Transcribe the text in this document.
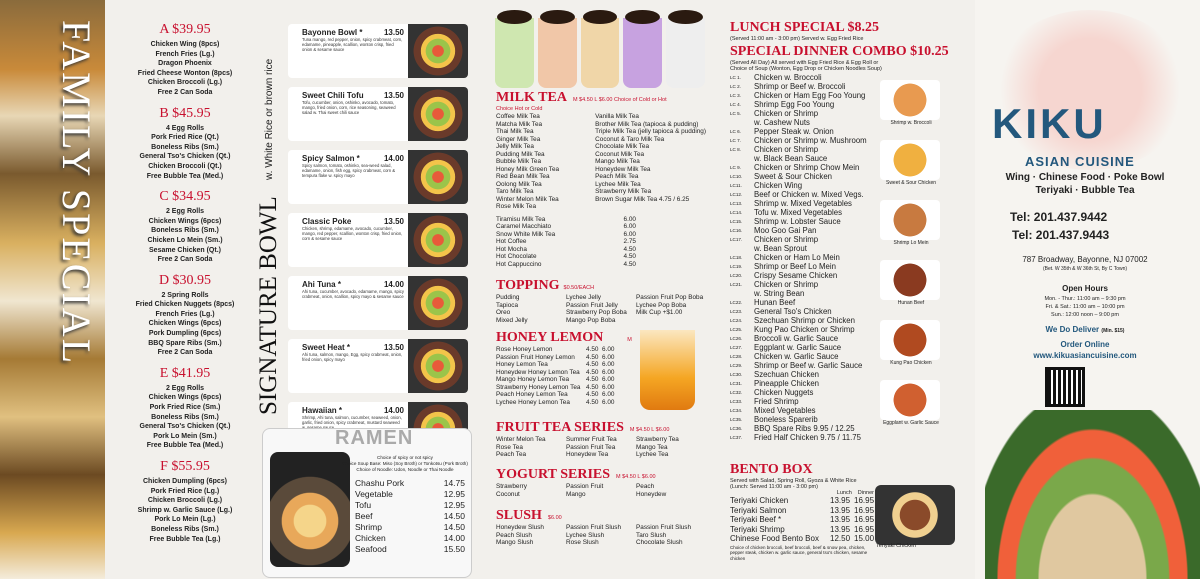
FAMILY SPECIAL	A $39.95
Chicken Wing (8pcs)
French Fries (Lg.)
Dragon Phoenix
Fried Cheese Wonton (8pcs)
Chicken Broccoli (Lg.)
Free 2 Can Soda
B $45.95
4 Egg Rolls
Pork Fried Rice (Qt.)
Boneless Ribs (Sm.)
General Tso's Chicken (Qt.)
Chicken Broccoli (Qt.)
Free Bubble Tea (Med.)
C $34.95
2 Egg Rolls
Chicken Wings (6pcs)
Boneless Ribs (Sm.)
Chicken Lo Mein (Sm.)
Sesame Chicken (Qt.)
Free 2 Can Soda
D $30.95
2 Spring Rolls
Fried Chicken Nuggets (8pcs)
French Fries (Lg.)
Chicken Wings (6pcs)
Pork Dumpling (6pcs)
BBQ Spare Ribs (Sm.)
Free 2 Can Soda
E $41.95
2 Egg Rolls
Chicken Wings (6pcs)
Pork Fried Rice (Sm.)
Boneless Ribs (Sm.)
General Tso's Chicken (Qt.)
Pork Lo Mein (Sm.)
Free Bubble Tea (Med.)
F $55.95
Chicken Dumpling (6pcs)
Pork Fried Rice (Lg.)
Chicken Broccoli (Lg.)
Shrimp w. Garlic Sauce (Lg.)
Pork Lo Mein (Lg.)
Boneless Ribs (Sm.)
Free Bubble Tea (Lg.)
w. White Rice or brown rice
SIGNATURE BOWL
Bayonne Bowl *	13.50
Tuna mango, red pepper, onion, spicy crabmeat, corn, edamame, pineapple, scallion, wonton crisp, fried onion & sesame sauce
Sweet Chili Tofu	13.50
Tofu, cucumber, onion, oshinko, avocado, tomato, mango, fried onion, corn, rice seasoning, seaweed salad w. Thai sweet chili sauce
Spicy Salmon *	14.00
Spicy salmon, tomato, oshinko, sea-weed salad, edamame, onion, fish egg, spicy crabmeat, corn & tempura flake w. spicy mayo
Classic Poke	13.50
Chicken, shrimp, edamame, avocado, cucumber, mango, red pepper, scallion, wonton crisp, fried onion, corn & sesame sauce
Ahi Tuna *	14.00
Ahi tuna, cucumber, avocado, edamame, mango, spicy crabmeat, onion, scallion, spicy mayo & sesame sauce
Sweet Heat *	13.50
Ahi tuna, salmon, mango, Egg, spicy crabmeat, onion, fried onion, spicy mayo
Hawaiian *	14.00
Shrimp, Ahi tuna, salmon, cucumber, seaweed, onion, garlic, fried onion, spicy crabmeat, mustard seaweed
RAMEN
Choice of spicy or not spicy
Choice Soup Base: Miso (Soy Broth) or Tonkotsu (Pork Broth)
Choice of Noodle: Udon, Noodle or Thai Noodle
Chashu Pork	14.75
Vegetable	12.95
Tofu	12.95
Beef	14.50
Shrimp	14.50
Chicken	14.00
Seafood	15.50
MILK TEA M $4.50 L $6.00 Choice of Cold or Hot
Choice Hot or Cold
Coffee Milk Tea
Matcha Milk Tea
Thai Milk Tea
Ginger Milk Tea
Jelly Milk Tea
Pudding Milk Tea
Bubble Milk Tea
Honey Milk Green Tea
Red Bean Milk Tea
Oolong Milk Tea
Taro Milk Tea
Winter Melon Milk Tea
Rose Milk Tea
Vanilla Milk Tea
Brother Milk Tea (tapioca & pudding)
Triple Milk Tea (jelly tapioca & pudding)
Coconut & Taro Milk Tea
Chocolate Milk Tea
Coconut Milk Tea
Mango Milk Tea
Honeydew Milk Tea
Peach Milk Tea
Lychee Milk Tea
Strawberry Milk Tea
Brown Sugar Milk Tea 4.75 / 6.25
Tiramisu Milk Tea	6.00
Caramel Macchiato	6.00
Snow White Milk Tea	6.00
Hot Coffee	2.75
Hot Mocha	4.50
Hot Chocolate	4.50
Hot Cappuccino	4.50
TOPPING $0.50/EACH
Pudding	Lychee Jelly	Passion Fruit Pop Boba
Tapioca	Passion Fruit Jelly	Lychee Pop Boba
Oreo	Strawberry Pop Boba	Milk Cup +$1.00
Mixed Jelly	Mango Pop Boba
HONEY LEMON	M
Rose Honey Lemon	4.50 6.00
Passion Fruit Honey Lemon	4.50 6.00
Honey Lemon Tea	4.50 6.00
Honeydew Honey Lemon Tea 4.50 6.00
Mango Honey Lemon Tea	4.50 6.00
Strawberry Honey Lemon Tea 4.50 6.00
Peach Honey Lemon Tea	4.50 6.00
Lychee Honey Lemon Tea	4.50 6.00
FRUIT TEA SERIES M $4.50 L $6.00
Winter Melon Tea	Summer Fruit Tea	Strawberry Tea
Rose Tea	Passion Fruit Tea	Mango Tea
Peach Tea	Honeydew Tea	Lychee Tea
YOGURT SERIES M $4.50 L $6.00
Strawberry	Passion Fruit	Peach
Coconut	Mango	Honeydew
SLUSH $6.00
Honeydew Slush	Passion Fruit Slush	Passion Fruit Slush
Peach Slush	Lychee Slush	Taro Slush
Mango Slush	Rose Slush	Chocolate Slush
LUNCH SPECIAL $8.25
(Served 11:00 am - 3:00 pm) Served w. Egg Fried Rice
SPECIAL DINNER COMBO $10.25
(Served All Day) All served with Egg Fried Rice & Egg Roll or
Choice of Soup (Wonton, Egg Drop or Chicken Noodles Soup)
LC 1.	Chicken w. Broccoli
LC 2.	Shrimp or Beef w. Broccoli
LC 3.	Chicken or Ham Egg Foo Young
LC 4.	Shrimp Egg Foo Young
LC 5.	Chicken or Shrimp
w. Cashew Nuts
LC 6.	Pepper Steak w. Onion
LC 7.	Chicken or Shrimp w. Mushroom
LC 8.	Chicken or Shrimp
w. Black Bean Sauce
LC 9.	Chicken or Shrimp Chow Mein
LC10.	Sweet & Sour Chicken
LC11.	Chicken Wing
LC12.	Beef or Chicken w. Mixed Vegs.
LC13.	Shrimp w. Mixed Vegetables
LC14.	Tofu w. Mixed Vegetables
LC15.	Shrimp w. Lobster Sauce
LC16.	Moo Goo Gai Pan
LC17.	Chicken or Shrimp
w. Bean Sprout
LC18.	Chicken or Ham Lo Mein
LC19.	Shrimp or Beef Lo Mein
LC20.	Crispy Sesame Chicken
LC21.	Chicken or Shrimp
w. String Bean
LC22.	Hunan Beef
LC23.	General Tso's Chicken
LC24.	Szechuan Shrimp or Chicken
LC25.	Kung Pao Chicken or Shrimp
LC26.	Broccoli w. Garlic Sauce
LC27.	Eggplant w. Garlic Sauce
LC28.	Chicken w. Garlic Sauce
LC29.	Shrimp or Beef w. Garlic Sauce
LC30.	Szechuan Chicken
LC31.	Pineapple Chicken
LC32.	Chicken Nuggets
LC33.	Fried Shrimp
LC34.	Mixed Vegetables
LC35.	Boneless Sparerib
LC36.	BBQ Spare Ribs 9.95 / 12.25
LC37.	Fried Half Chicken 9.75 / 11.75
BENTO BOX
Served with Salad, Spring Roll, Gyoza & White Rice
(Lunch: Served 11:00 am - 3:00 pm)
Lunch Dinner
Teriyaki Chicken	13.95 16.95
Teriyaki Salmon	13.95 16.95
Teriyaki Beef *	13.95 16.95
Teriyaki Shrimp	13.95 16.95
Chinese Food Bento Box	12.50 15.00
Choice of chicken broccoli, beef broccoli, beef & snow pea, chicken, pepper steak, chicken w. garlic sauce, general tso's chicken, sesame chicken
Shrimp w. Broccoli
Sweet & Sour Chicken
Shrimp Lo Mein
Hunan Beef
Kung Pao Chicken
Eggplant w. Garlic Sauce
Teriyaki Chicken
KIKU
ASIAN CUISINE
Wing · Chinese Food · Poke Bowl
Teriyaki · Bubble Tea
Tel: 201.437.9442
Tel: 201.437.9443
787 Broadway, Bayonne, NJ 07002
(Bet. W 35th & W 36th St, By C Town)
Open Hours
Mon. - Thur.: 11:00 am – 9:30 pm
Fri. & Sat.: 11:00 am – 10:00 pm
Sun.: 12:00 noon – 9:00 pm
We Do Deliver (Min. $15)
Order Online
www.kikuasiancuisine.com
